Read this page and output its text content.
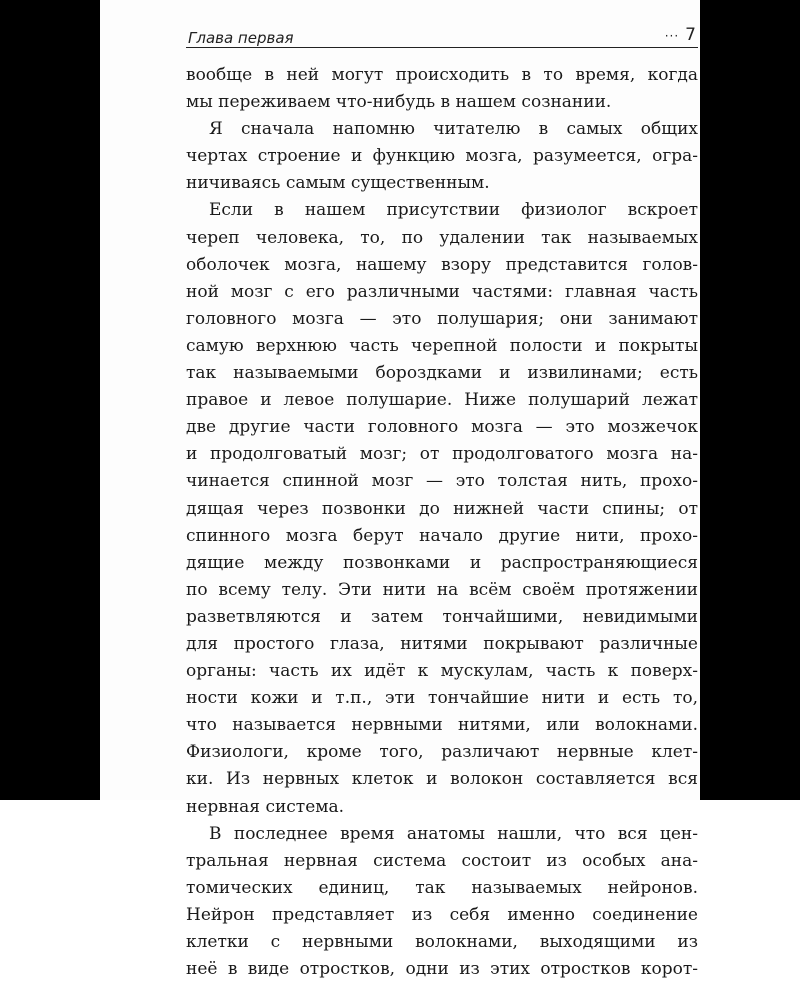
Глава первая	··· 7
вообще в ней могут происходить в то время, когда
мы переживаем что-нибудь в нашем сознании.
Я сначала напомню читателю в самых общих
чертах строение и функцию мозга, разумеется, огра-
ничиваясь самым существенным.
Если в нашем присутствии физиолог вскроет
череп человека, то, по удалении так называемых
оболочек мозга, нашему взору представится голов-
ной мозг с его различными частями: главная часть
головного мозга — это полушария; они занимают
самую верхнюю часть черепной полости и покрыты
так называемыми бороздками и извилинами; есть
правое и левое полушарие. Ниже полушарий лежат
две другие части головного мозга — это мозжечок
и продолговатый мозг; от продолговатого мозга на-
чинается спинной мозг — это толстая нить, прохо-
дящая через позвонки до нижней части спины; от
спинного мозга берут начало другие нити, прохо-
дящие между позвонками и распространяющиеся
по всему телу. Эти нити на всём своём протяжении
разветвляются и затем тончайшими, невидимыми
для простого глаза, нитями покрывают различные
органы: часть их идёт к мускулам, часть к поверх-
ности кожи и т.п., эти тончайшие нити и есть то,
что называется нервными нитями, или волокнами.
Физиологи, кроме того, различают нервные клет-
ки. Из нервных клеток и волокон составляется вся
нервная система.
В последнее время анатомы нашли, что вся цен-
тральная нервная система состоит из особых ана-
томических единиц, так называемых нейронов.
Нейрон представляет из себя именно соединение
клетки с нервными волокнами, выходящими из
неё в виде отростков, одни из этих отростков корот-
